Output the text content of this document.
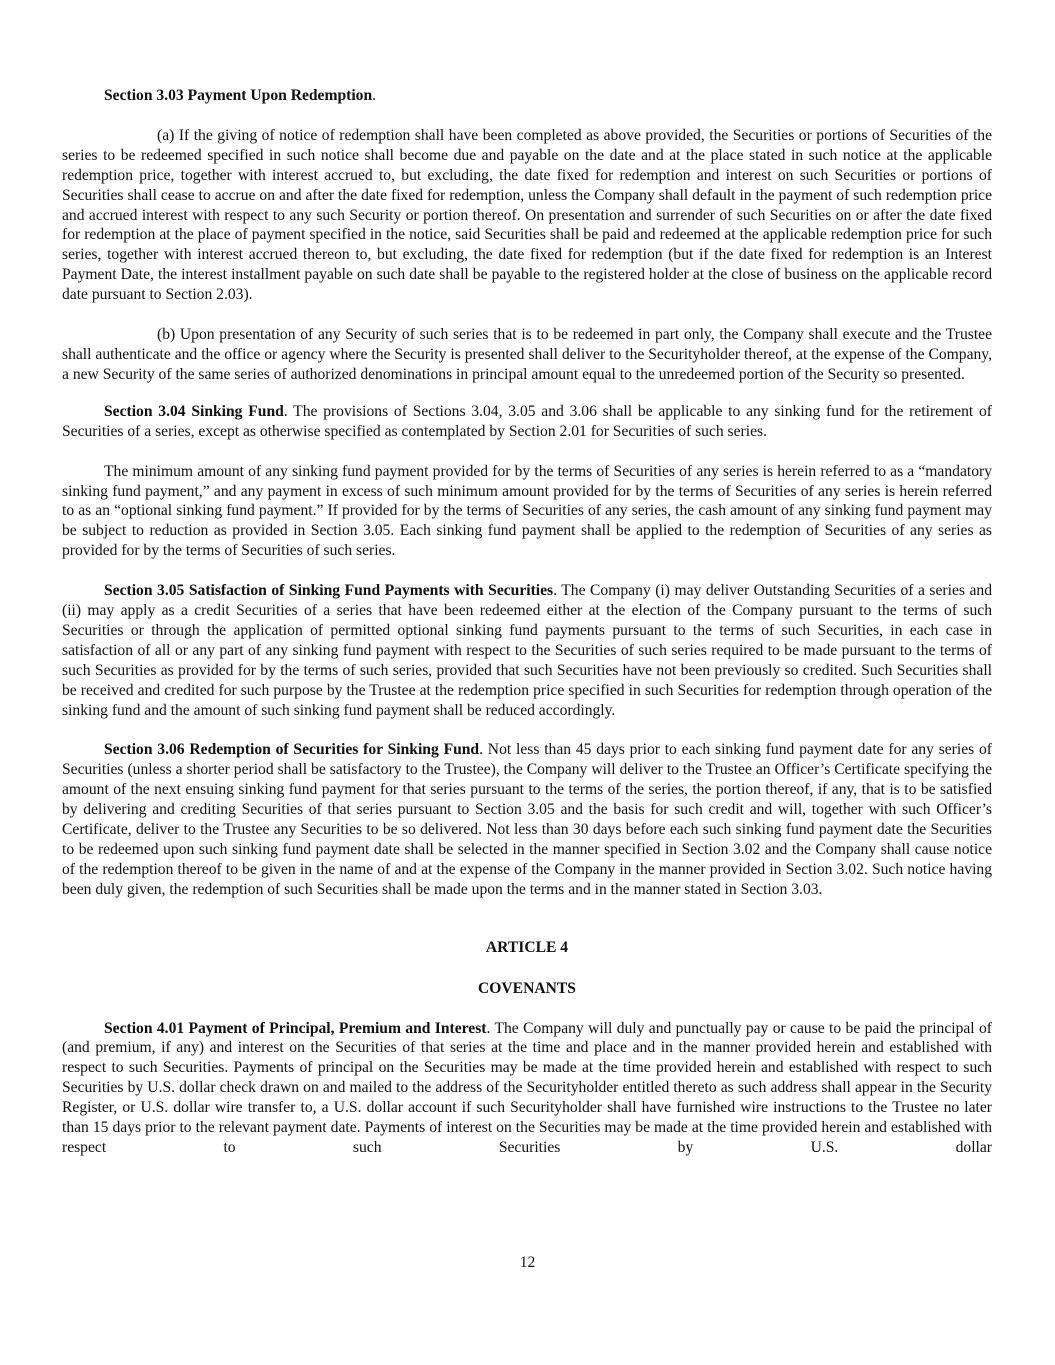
Section 3.03 Payment Upon Redemption.

(a) If the giving of notice of redemption shall have been completed as above provided, the Securities or portions of Securities of the series to be redeemed specified in such notice shall become due and payable on the date and at the place stated in such notice at the applicable redemption price, together with interest accrued to, but excluding, the date fixed for redemption and interest on such Securities or portions of Securities shall cease to accrue on and after the date fixed for redemption, unless the Company shall default in the payment of such redemption price and accrued interest with respect to any such Security or portion thereof. On presentation and surrender of such Securities on or after the date fixed for redemption at the place of payment specified in the notice, said Securities shall be paid and redeemed at the applicable redemption price for such series, together with interest accrued thereon to, but excluding, the date fixed for redemption (but if the date fixed for redemption is an Interest Payment Date, the interest installment payable on such date shall be payable to the registered holder at the close of business on the applicable record date pursuant to Section 2.03).

(b) Upon presentation of any Security of such series that is to be redeemed in part only, the Company shall execute and the Trustee shall authenticate and the office or agency where the Security is presented shall deliver to the Securityholder thereof, at the expense of the Company, a new Security of the same series of authorized denominations in principal amount equal to the unredeemed portion of the Security so presented.

Section 3.04 Sinking Fund. The provisions of Sections 3.04, 3.05 and 3.06 shall be applicable to any sinking fund for the retirement of Securities of a series, except as otherwise specified as contemplated by Section 2.01 for Securities of such series.

The minimum amount of any sinking fund payment provided for by the terms of Securities of any series is herein referred to as a “mandatory sinking fund payment,” and any payment in excess of such minimum amount provided for by the terms of Securities of any series is herein referred to as an “optional sinking fund payment.” If provided for by the terms of Securities of any series, the cash amount of any sinking fund payment may be subject to reduction as provided in Section 3.05. Each sinking fund payment shall be applied to the redemption of Securities of any series as provided for by the terms of Securities of such series.

Section 3.05 Satisfaction of Sinking Fund Payments with Securities. The Company (i) may deliver Outstanding Securities of a series and (ii) may apply as a credit Securities of a series that have been redeemed either at the election of the Company pursuant to the terms of such Securities or through the application of permitted optional sinking fund payments pursuant to the terms of such Securities, in each case in satisfaction of all or any part of any sinking fund payment with respect to the Securities of such series required to be made pursuant to the terms of such Securities as provided for by the terms of such series, provided that such Securities have not been previously so credited. Such Securities shall be received and credited for such purpose by the Trustee at the redemption price specified in such Securities for redemption through operation of the sinking fund and the amount of such sinking fund payment shall be reduced accordingly.

Section 3.06 Redemption of Securities for Sinking Fund. Not less than 45 days prior to each sinking fund payment date for any series of Securities (unless a shorter period shall be satisfactory to the Trustee), the Company will deliver to the Trustee an Officer’s Certificate specifying the amount of the next ensuing sinking fund payment for that series pursuant to the terms of the series, the portion thereof, if any, that is to be satisfied by delivering and crediting Securities of that series pursuant to Section 3.05 and the basis for such credit and will, together with such Officer’s Certificate, deliver to the Trustee any Securities to be so delivered. Not less than 30 days before each such sinking fund payment date the Securities to be redeemed upon such sinking fund payment date shall be selected in the manner specified in Section 3.02 and the Company shall cause notice of the redemption thereof to be given in the name of and at the expense of the Company in the manner provided in Section 3.02. Such notice having been duly given, the redemption of such Securities shall be made upon the terms and in the manner stated in Section 3.03.

ARTICLE 4

COVENANTS

Section 4.01 Payment of Principal, Premium and Interest. The Company will duly and punctually pay or cause to be paid the principal of (and premium, if any) and interest on the Securities of that series at the time and place and in the manner provided herein and established with respect to such Securities. Payments of principal on the Securities may be made at the time provided herein and established with respect to such Securities by U.S. dollar check drawn on and mailed to the address of the Securityholder entitled thereto as such address shall appear in the Security Register, or U.S. dollar wire transfer to, a U.S. dollar account if such Securityholder shall have furnished wire instructions to the Trustee no later than 15 days prior to the relevant payment date. Payments of interest on the Securities may be made at the time provided herein and established with respect to such Securities by U.S. dollar

12
